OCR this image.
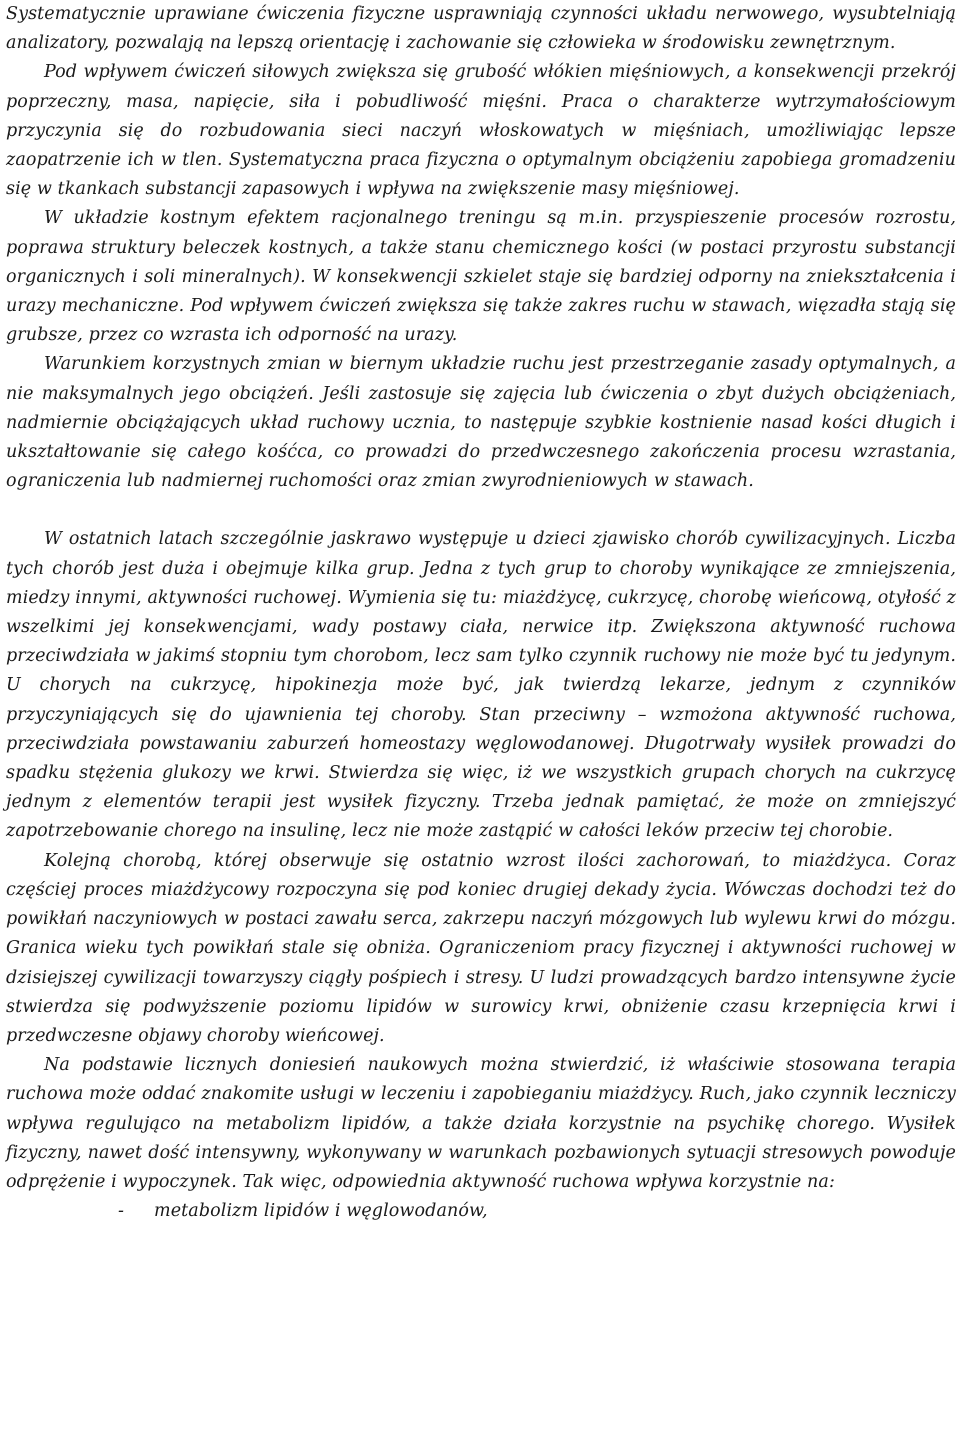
Systematycznie uprawiane ćwiczenia fizyczne usprawniają czynności układu nerwowego, wysubtelniają analizatory, pozwalają na lepszą orientację i zachowanie się człowieka w środowisku zewnętrznym.

Pod wpływem ćwiczeń siłowych zwiększa się grubość włókien mięśniowych, a konsekwencji przekrój poprzeczny, masa, napięcie, siła i pobudliwość mięśni. Praca o charakterze wytrzymałościowym przyczynia się do rozbudowania sieci naczyń włoskowatych w mięśniach, umożliwiając lepsze zaopatrzenie ich w tlen. Systematyczna praca fizyczna o optymalnym obciążeniu zapobiega gromadzeniu się w tkankach substancji zapasowych i wpływa na zwiększenie masy mięśniowej.

W układzie kostnym efektem racjonalnego treningu są m.in. przyspieszenie procesów rozrostu, poprawa struktury beleczek kostnych, a także stanu chemicznego kości (w postaci przyrostu substancji organicznych i soli mineralnych). W konsekwencji szkielet staje się bardziej odporny na zniekształcenia i urazy mechaniczne. Pod wpływem ćwiczeń zwiększa się także zakres ruchu w stawach, więzadła stają się grubsze, przez co wzrasta ich odporność na urazy.

Warunkiem korzystnych zmian w biernym układzie ruchu jest przestrzeganie zasady optymalnych, a nie maksymalnych jego obciążeń. Jeśli zastosuje się zajęcia lub ćwiczenia o zbyt dużych obciążeniach, nadmiernie obciążających układ ruchowy ucznia, to następuje szybkie kostnienie nasad kości długich i ukształtowanie się całego kośćca, co prowadzi do przedwczesnego zakończenia procesu wzrastania, ograniczenia lub nadmiernej ruchomości oraz zmian zwyrodnieniowych w stawach.

W ostatnich latach szczególnie jaskrawo występuje u dzieci zjawisko chorób cywilizacyjnych. Liczba tych chorób jest duża i obejmuje kilka grup. Jedna z tych grup to choroby wynikające ze zmniejszenia, miedzy innymi, aktywności ruchowej. Wymienia się tu: miażdżycę, cukrzycę, chorobę wieńcową, otyłość z wszelkimi jej konsekwencjami, wady postawy ciała, nerwice itp. Zwiększona aktywność ruchowa przeciwdziała w jakimś stopniu tym chorobom, lecz sam tylko czynnik ruchowy nie może być tu jedynym. U chorych na cukrzycę, hipokinezja może być, jak twierdzą lekarze, jednym z czynników przyczyniających się do ujawnienia tej choroby. Stan przeciwny – wzmożona aktywność ruchowa, przeciwdziała powstawaniu zaburzeń homeostazy węglowodanowej. Długotrwały wysiłek prowadzi do spadku stężenia glukozy we krwi. Stwierdza się więc, iż we wszystkich grupach chorych na cukrzycę jednym z elementów terapii jest wysiłek fizyczny. Trzeba jednak pamiętać, że może on zmniejszyć zapotrzebowanie chorego na insulinę, lecz nie może zastąpić w całości leków przeciw tej chorobie.

Kolejną chorobą, której obserwuje się ostatnio wzrost ilości zachorowań, to miażdżyca. Coraz częściej proces miażdżycowy rozpoczyna się pod koniec drugiej dekady życia. Wówczas dochodzi też do powikłań naczyniowych w postaci zawału serca, zakrzepu naczyń mózgowych lub wylewu krwi do mózgu. Granica wieku tych powikłań stale się obniża. Ograniczeniom pracy fizycznej i aktywności ruchowej w dzisiejszej cywilizacji towarzyszy ciągły pośpiech i stresy. U ludzi prowadzących bardzo intensywne życie stwierdza się podwyższenie poziomu lipidów w surowicy krwi, obniżenie czasu krzepnięcia krwi i przedwczesne objawy choroby wieńcowej.

Na podstawie licznych doniesień naukowych można stwierdzić, iż właściwie stosowana terapia ruchowa może oddać znakomite usługi w leczeniu i zapobieganiu miażdżycy. Ruch, jako czynnik leczniczy wpływa regulująco na metabolizm lipidów, a także działa korzystnie na psychikę chorego. Wysiłek fizyczny, nawet dość intensywny, wykonywany w warunkach pozbawionych sytuacji stresowych powoduje odprężenie i wypoczynek. Tak więc, odpowiednia aktywność ruchowa wpływa korzystnie na:

- metabolizm lipidów i węglowodanów,
